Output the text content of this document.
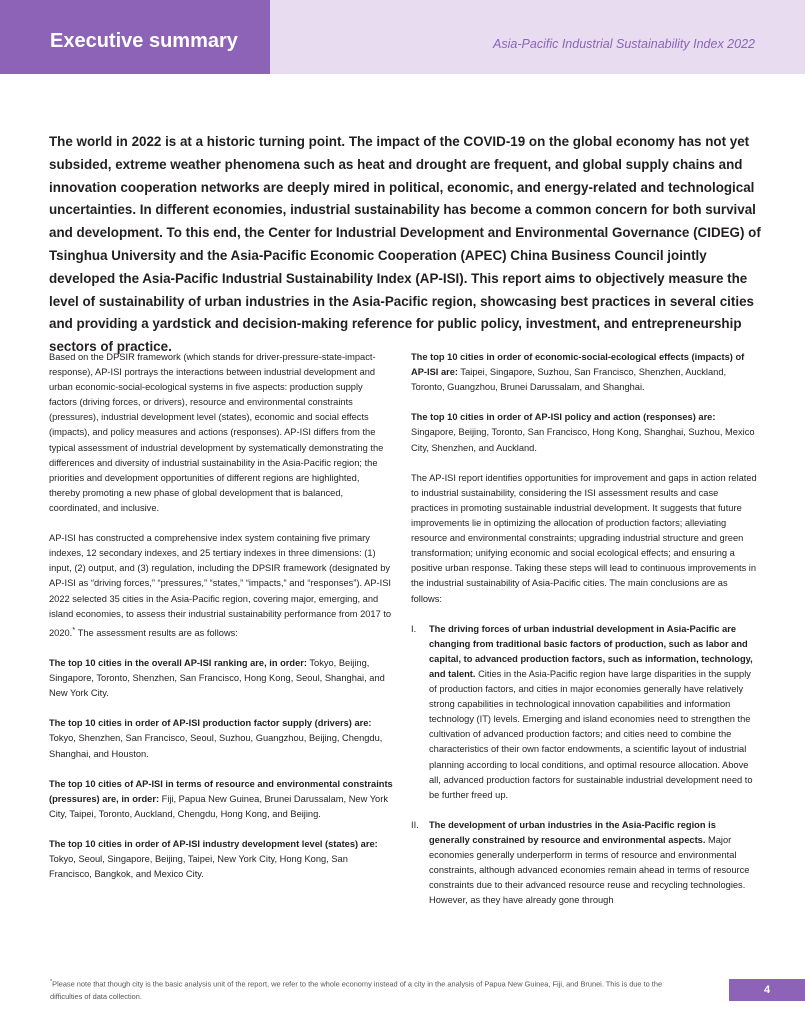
Executive summary	Asia-Pacific Industrial Sustainability Index 2022
The world in 2022 is at a historic turning point. The impact of the COVID-19 on the global economy has not yet subsided, extreme weather phenomena such as heat and drought are frequent, and global supply chains and innovation cooperation networks are deeply mired in political, economic, and energy-related and technological uncertainties. In different economies, industrial sustainability has become a common concern for both survival and development. To this end, the Center for Industrial Development and Environmental Governance (CIDEG) of Tsinghua University and the Asia-Pacific Economic Cooperation (APEC) China Business Council jointly developed the Asia-Pacific Industrial Sustainability Index (AP-ISI). This report aims to objectively measure the level of sustainability of urban industries in the Asia-Pacific region, showcasing best practices in several cities and providing a yardstick and decision-making reference for public policy, investment, and entrepreneurship sectors of practice.

Based on the DPSIR framework (which stands for driver-pressure-state-impact-response), AP-ISI portrays the interactions between industrial development and urban economic-social-ecological systems in five aspects: production supply factors (driving forces, or drivers), resource and environmental constraints (pressures), industrial development level (states), economic and social effects (impacts), and policy measures and actions (responses). AP-ISI differs from the typical assessment of industrial development by systematically demonstrating the differences and diversity of industrial sustainability in the Asia-Pacific region; the priorities and development opportunities of different regions are highlighted, thereby promoting a new phase of global development that is balanced, coordinated, and inclusive.

AP-ISI has constructed a comprehensive index system containing five primary indexes, 12 secondary indexes, and 25 tertiary indexes in three dimensions: (1) input, (2) output, and (3) regulation, including the DPSIR framework (designated by AP-ISI as “driving forces,” “pressures,” “states,” “impacts,” and “responses”). AP-ISI 2022 selected 35 cities in the Asia-Pacific region, covering major, emerging, and island economies, to assess their industrial sustainability performance from 2017 to 2020.* The assessment results are as follows:

The top 10 cities in the overall AP-ISI ranking are, in order: Tokyo, Beijing, Singapore, Toronto, Shenzhen, San Francisco, Hong Kong, Seoul, Shanghai, and New York City.

The top 10 cities in order of AP-ISI production factor supply (drivers) are: Tokyo, Shenzhen, San Francisco, Seoul, Suzhou, Guangzhou, Beijing, Chengdu, Shanghai, and Houston.

The top 10 cities of AP-ISI in terms of resource and environmental constraints (pressures) are, in order: Fiji, Papua New Guinea, Brunei Darussalam, New York City, Taipei, Toronto, Auckland, Chengdu, Hong Kong, and Beijing.

The top 10 cities in order of AP-ISI industry development level (states) are: Tokyo, Seoul, Singapore, Beijing, Taipei, New York City, Hong Kong, San Francisco, Bangkok, and Mexico City.

The top 10 cities in order of economic-social-ecological effects (impacts) of AP-ISI are: Taipei, Singapore, Suzhou, San Francisco, Shenzhen, Auckland, Toronto, Guangzhou, Brunei Darussalam, and Shanghai.

The top 10 cities in order of AP-ISI policy and action (responses) are: Singapore, Beijing, Toronto, San Francisco, Hong Kong, Shanghai, Suzhou, Mexico City, Shenzhen, and Auckland.

The AP-ISI report identifies opportunities for improvement and gaps in action related to industrial sustainability, considering the ISI assessment results and case practices in promoting sustainable industrial development. It suggests that future improvements lie in optimizing the allocation of production factors; alleviating resource and environmental constraints; upgrading industrial structure and green transformation; unifying economic and social ecological effects; and ensuring a positive urban response. Taking these steps will lead to continuous improvements in the industrial sustainability of Asia-Pacific cities. The main conclusions are as follows:

I.	The driving forces of urban industrial development in Asia-Pacific are changing from traditional basic factors of production, such as labor and capital, to advanced production factors, such as information, technology, and talent. Cities in the Asia-Pacific region have large disparities in the supply of production factors, and cities in major economies generally have relatively strong capabilities in technological innovation capabilities and information technology (IT) levels. Emerging and island economies need to strengthen the cultivation of advanced production factors; and cities need to combine the characteristics of their own factor endowments, a scientific layout of industrial planning according to local conditions, and optimal resource allocation. Above all, advanced production factors for sustainable industrial development need to be further freed up.
II.	The development of urban industries in the Asia-Pacific region is generally constrained by resource and environmental aspects. Major economies generally underperform in terms of resource and environmental constraints, although advanced economies remain ahead in terms of resource constraints due to their advanced resource reuse and recycling technologies. However, as they have already gone through
*Please note that though city is the basic analysis unit of the report, we refer to the whole economy instead of a city in the analysis of Papua New Guinea, Fiji, and Brunei. This is due to the difficulties of data collection.
4
